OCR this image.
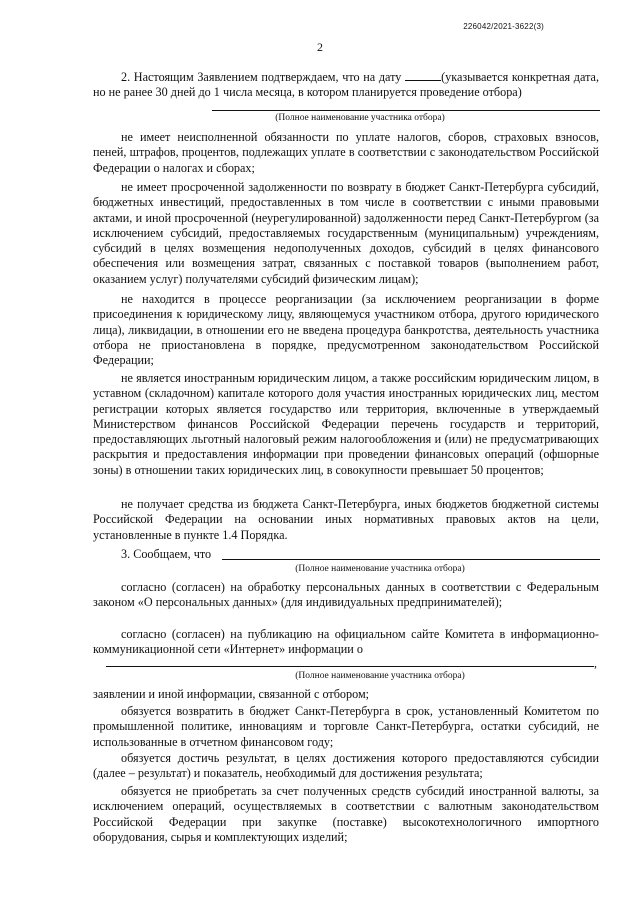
226042/2021-3622(3)
2

2. Настоящим Заявлением подтверждаем, что на дату	(указывается конкретная дата, но не ранее 30 дней до 1 числа месяца, в котором планируется проведение отбора)

(Полное наименование участника отбора)

не имеет неисполненной обязанности по уплате налогов, сборов, страховых взносов, пеней, штрафов, процентов, подлежащих уплате в соответствии с законодательством Российской Федерации о налогах и сборах;

не имеет просроченной задолженности по возврату в бюджет Санкт-Петербурга субсидий, бюджетных инвестиций, предоставленных в том числе в соответствии с иными правовыми актами, и иной просроченной (неурегулированной) задолженности перед Санкт-Петербургом (за исключением субсидий, предоставляемых государственным (муниципальным) учреждениям, субсидий в целях возмещения недополученных доходов, субсидий в целях финансового обеспечения или возмещения затрат, связанных с поставкой товаров (выполнением работ, оказанием услуг) получателями субсидий физическим лицам);

не находится в процессе реорганизации (за исключением реорганизации в форме присоединения к юридическому лицу, являющемуся участником отбора, другого юридического лица), ликвидации, в отношении его не введена процедура банкротства, деятельность участника отбора не приостановлена в порядке, предусмотренном законодательством Российской Федерации;

не является иностранным юридическим лицом, а также российским юридическим лицом, в уставном (складочном) капитале которого доля участия иностранных юридических лиц, местом регистрации которых является государство или территория, включенные в утверждаемый Министерством финансов Российской Федерации перечень государств и территорий, предоставляющих льготный налоговый режим налогообложения и (или) не предусматривающих раскрытия и предоставления информации при проведении финансовых операций (офшорные зоны) в отношении таких юридических лиц, в совокупности превышает 50 процентов;

не получает средства из бюджета Санкт-Петербурга, иных бюджетов бюджетной системы Российской Федерации на основании иных нормативных правовых актов на цели, установленные в пункте 1.4 Порядка.

3. Сообщаем, что

(Полное наименование участника отбора)

согласно (согласен) на обработку персональных данных в соответствии с Федеральным законом «О персональных данных» (для индивидуальных предпринимателей);

согласно (согласен) на публикацию на официальном сайте Комитета в информационно-коммуникационной сети «Интернет» информации о

,
(Полное наименование участника отбора)

заявлении и иной информации, связанной с отбором;

обязуется возвратить в бюджет Санкт-Петербурга в срок, установленный Комитетом по промышленной политике, инновациям и торговле Санкт-Петербурга, остатки субсидий, не использованные в отчетном финансовом году;

обязуется достичь результат, в целях достижения которого предоставляются субсидии (далее – результат) и показатель, необходимый для достижения результата;

обязуется не приобретать за счет полученных средств субсидий иностранной валюты, за исключением операций, осуществляемых в соответствии с валютным законодательством Российской Федерации при закупке (поставке) высокотехнологичного импортного оборудования, сырья и комплектующих изделий;
